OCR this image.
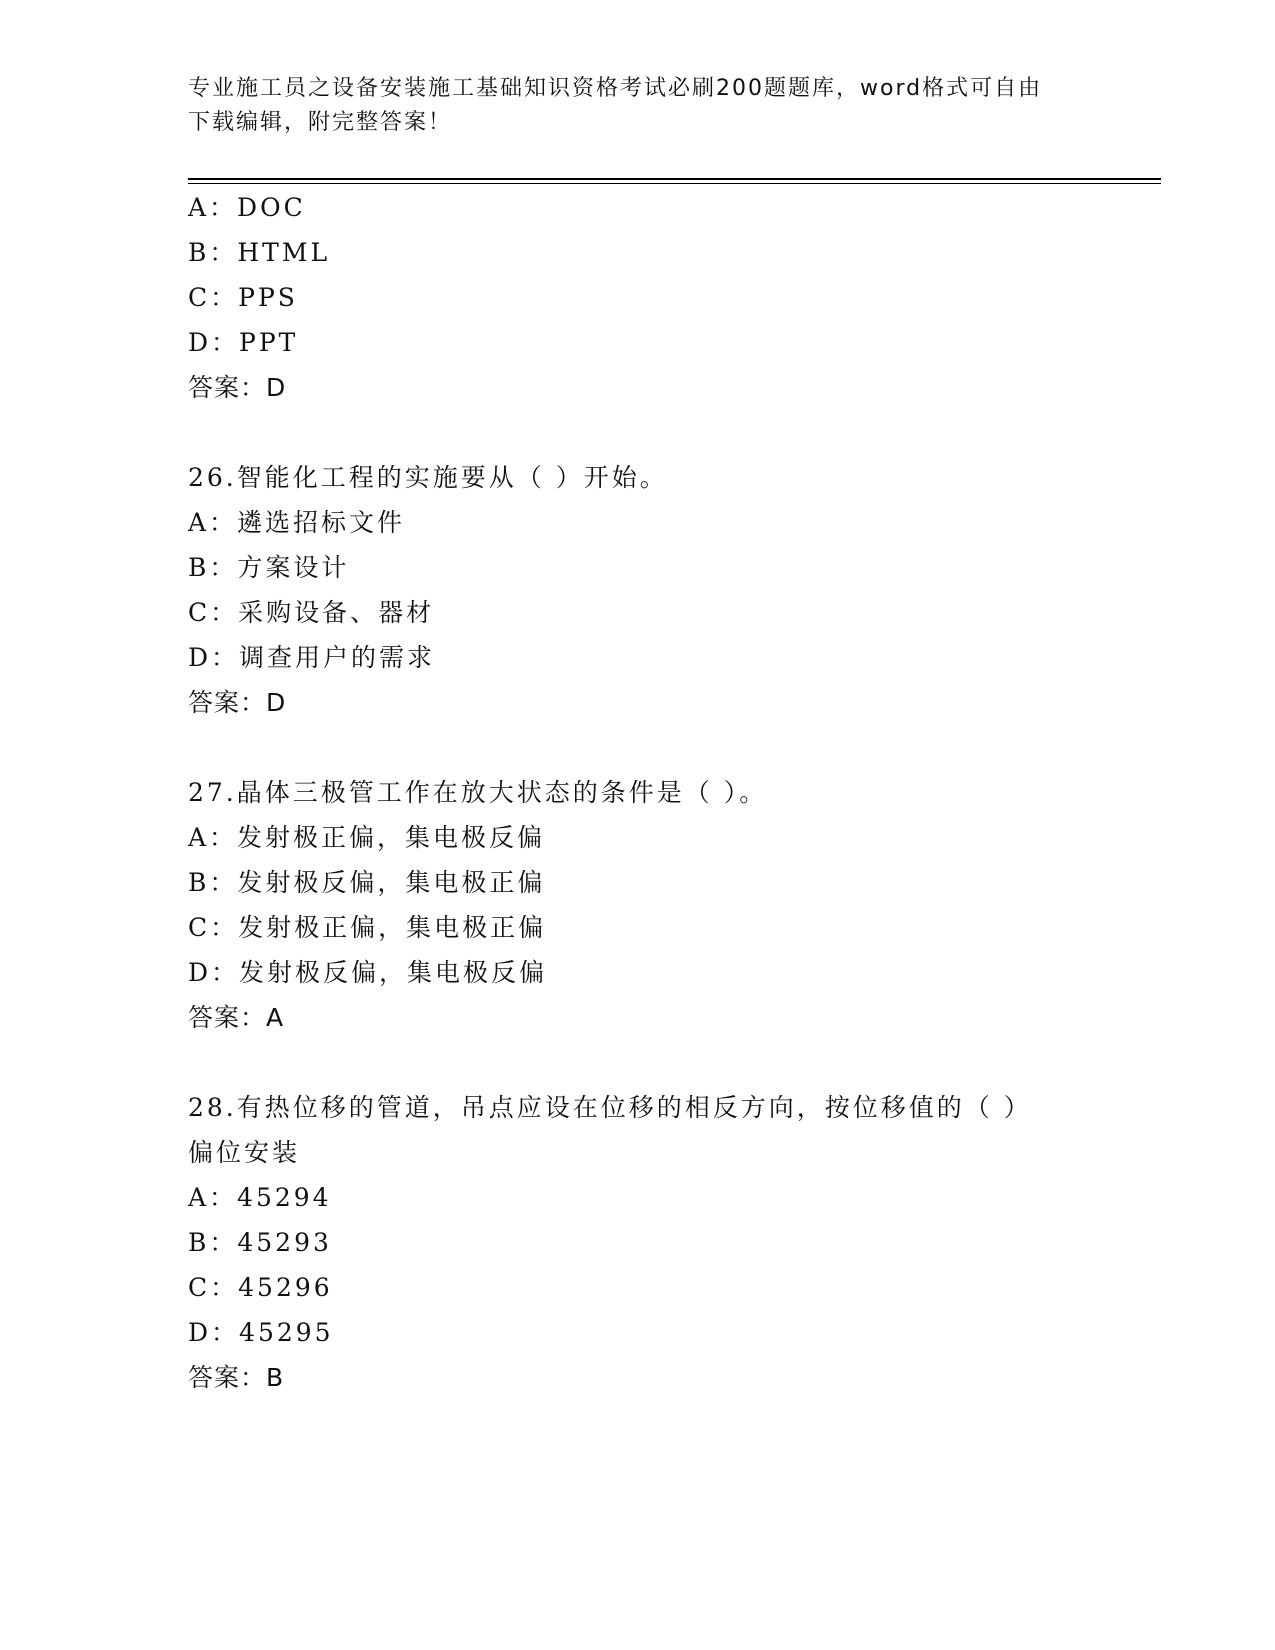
专业施工员之设备安装施工基础知识资格考试必刷200题题库，word格式可自由
下载编辑，附完整答案！
A：DOC
B：HTML
C：PPS
D：PPT
答案：D
26.智能化工程的实施要从（ ）开始。
A：遴选招标文件
B：方案设计
C：采购设备、器材
D：调查用户的需求
答案：D
27.晶体三极管工作在放大状态的条件是（ ）。
A：发射极正偏，集电极反偏
B：发射极反偏，集电极正偏
C：发射极正偏，集电极正偏
D：发射极反偏，集电极反偏
答案：A
28.有热位移的管道，吊点应设在位移的相反方向，按位移值的（ ）
偏位安装
A：45294
B：45293
C：45296
D：45295
答案：B
